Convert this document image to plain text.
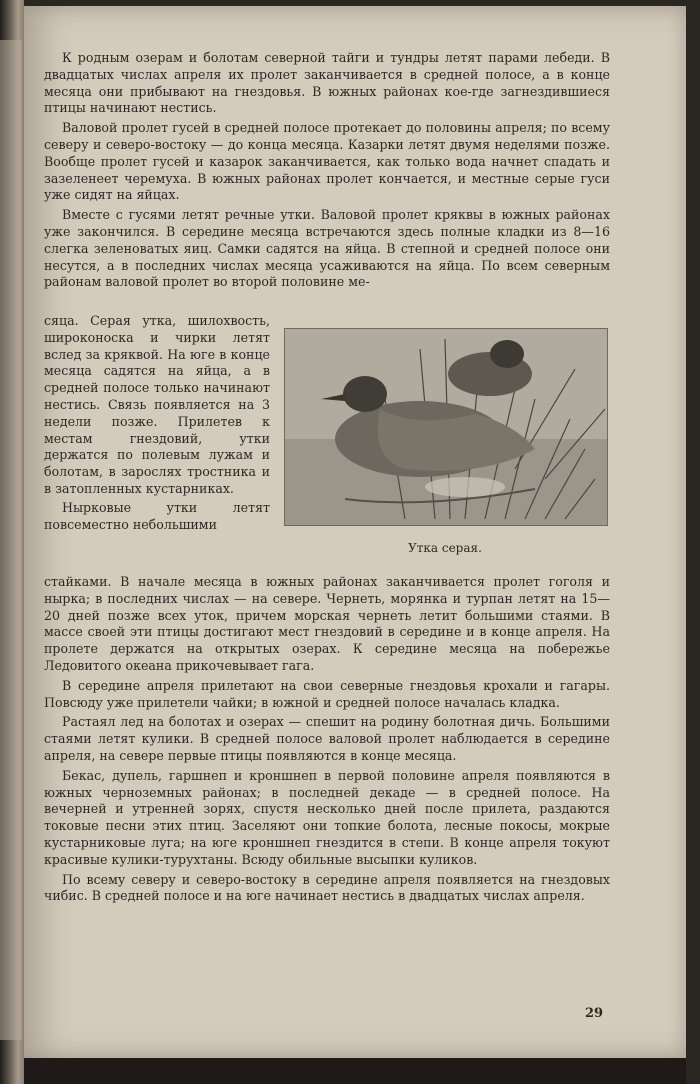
К родным озерам и болотам северной тайги и тундры летят парами лебеди. В двадцатых числах апреля их пролет заканчивается в средней полосе, а в конце месяца они прибывают на гнездовья. В южных районах кое-где загнездившиеся птицы начинают нестись.

Валовой пролет гусей в средней полосе протекает до половины апреля; по всему северу и северо-востоку — до конца месяца. Казарки летят двумя неделями позже. Вообще пролет гусей и казарок заканчивается, как только вода начнет спадать и зазеленеет черемуха. В южных районах пролет кончается, и местные серые гуси уже сидят на яйцах.

Вместе с гусями летят речные утки. Валовой пролет кряквы в южных районах уже закончился. В середине месяца встречаются здесь полные кладки из 8—16 слегка зеленоватых яиц. Самки садятся на яйца. В степной и средней полосе они несутся, а в последних числах месяца усаживаются на яйца. По всем северным районам валовой пролет во второй половине ме-

сяца. Серая утка, шилохвость, широконоска и чирки летят вслед за кряквой. На юге в конце месяца садятся на яйца, а в средней полосе только начинают нестись. Связь появляется на 3 недели позже. Прилетев к местам гнездовий, утки держатся по полевым лужам и болотам, в зарослях тростника и в затопленных кустарниках.
Нырковые утки летят повсеместно небольшими
Утка серая.

стайками. В начале месяца в южных районах заканчивается пролет гоголя и нырка; в последних числах — на севере. Чернеть, морянка и турпан летят на 15—20 дней позже всех уток, причем морская чернеть летит большими стаями. В массе своей эти птицы достигают мест гнездовий в середине и в конце апреля. На пролете держатся на открытых озерах. К середине месяца на побережье Ледовитого океана прикочевывает гага.

В середине апреля прилетают на свои северные гнездовья крохали и гагары. Повсюду уже прилетели чайки; в южной и средней полосе началась кладка.

Растаял лед на болотах и озерах — спешит на родину болотная дичь. Большими стаями летят кулики. В средней полосе валовой пролет наблюдается в середине апреля, на севере первые птицы появляются в конце месяца.

Бекас, дупель, гаршнеп и кроншнеп в первой половине апреля появляются в южных черноземных районах; в последней декаде — в средней полосе. На вечерней и утренней зорях, спустя несколько дней после прилета, раздаются токовые песни этих птиц. Заселяют они топкие болота, лесные покосы, мокрые кустарниковые луга; на юге кроншнеп гнездится в степи. В конце апреля токуют красивые кулики-турухтаны. Всюду обильные высыпки куликов.

По всему северу и северо-востоку в середине апреля появляется на гнездовых чибис. В средней полосе и на юге начинает нестись в двадцатых числах апреля.

29
